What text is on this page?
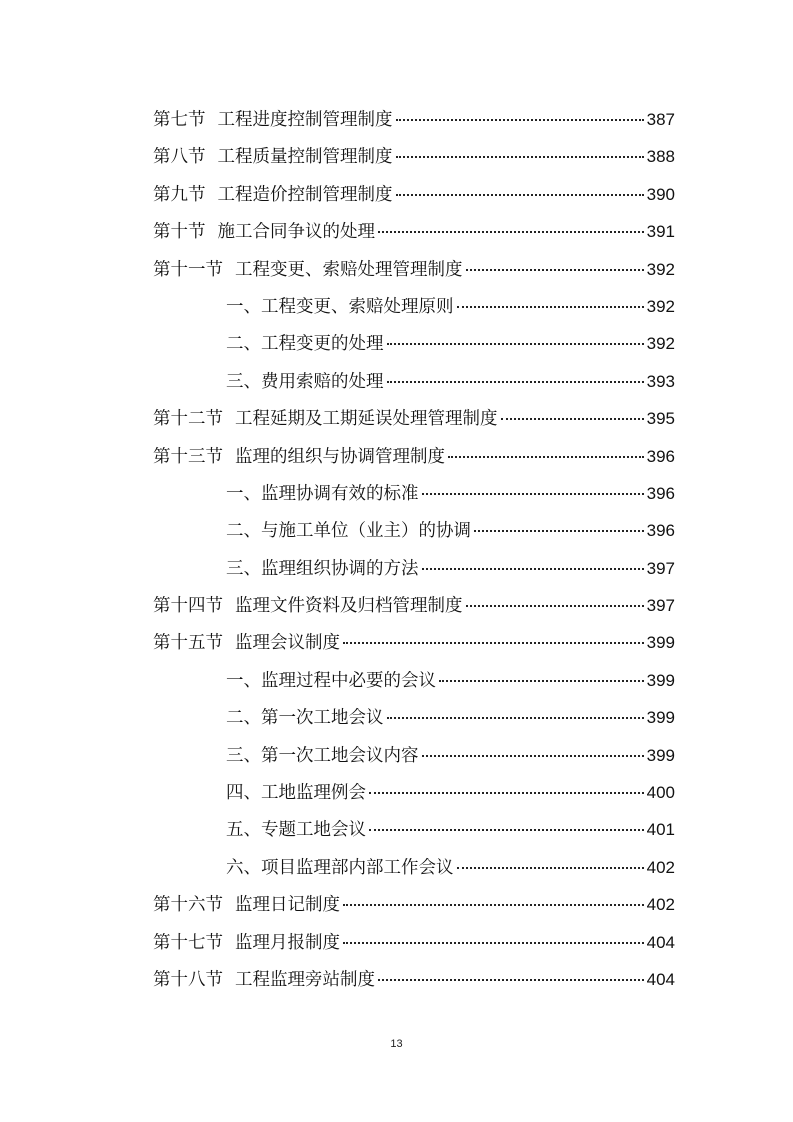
第七节 工程进度控制管理制度	387
第八节 工程质量控制管理制度	388
第九节 工程造价控制管理制度	390
第十节 施工合同争议的处理	391
第十一节 工程变更、索赔处理管理制度	392
一、工程变更、索赔处理原则	392
二、工程变更的处理	392
三、费用索赔的处理	393
第十二节 工程延期及工期延误处理管理制度	395
第十三节 监理的组织与协调管理制度	396
一、监理协调有效的标准	396
二、与施工单位（业主）的协调	396
三、监理组织协调的方法	397
第十四节 监理文件资料及归档管理制度	397
第十五节 监理会议制度	399
一、监理过程中必要的会议	399
二、第一次工地会议	399
三、第一次工地会议内容	399
四、工地监理例会	400
五、专题工地会议	401
六、项目监理部内部工作会议	402
第十六节 监理日记制度	402
第十七节 监理月报制度	404
第十八节 工程监理旁站制度	404
13
